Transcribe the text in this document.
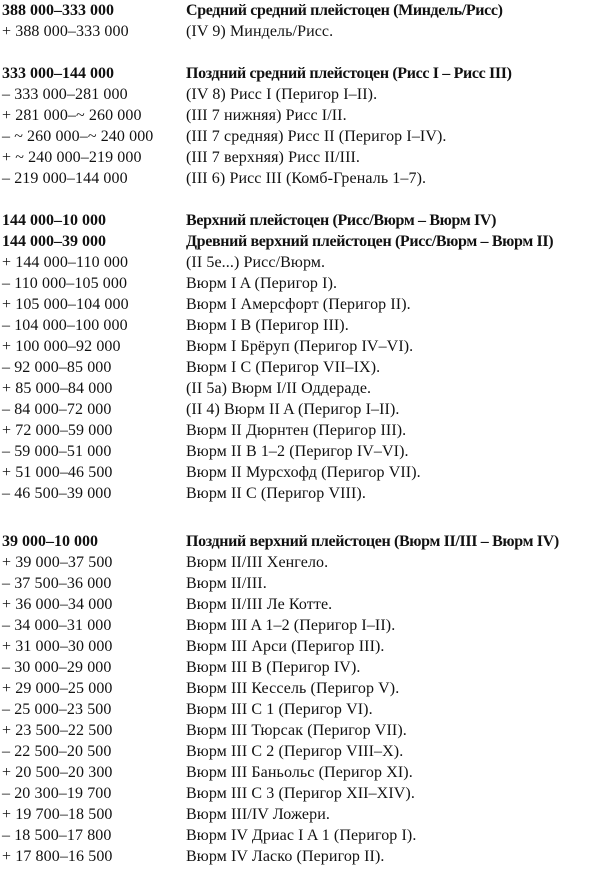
388 000–333 000	Средний средний плейстоцен (Миндель/Рисс)
+ 388 000–333 000	(IV 9) Миндель/Рисс.
333 000–144 000	Поздний средний плейстоцен (Рисс I – Рисс III)
– 333 000–281 000	(IV 8) Рисс I (Перигор I–II).
+ 281 000–~ 260 000	(III 7 нижняя) Рисс I/II.
– ~ 260 000–~ 240 000	(III 7 средняя) Рисс II (Перигор I–IV).
+ ~ 240 000–219 000	(III 7 верхняя) Рисс II/III.
– 219 000–144 000	(III 6) Рисс III (Комб-Греналь 1–7).
144 000–10 000	Верхний плейстоцен (Рисс/Вюрм – Вюрм IV)
144 000–39 000	Древний верхний плейстоцен (Рисс/Вюрм – Вюрм II)
+ 144 000–110 000	(II 5e...) Рисс/Вюрм.
– 110 000–105 000	Вюрм I A (Перигор I).
+ 105 000–104 000	Вюрм I Амерсфорт (Перигор II).
– 104 000–100 000	Вюрм I B (Перигор III).
+ 100 000–92 000	Вюрм I Брёруп (Перигор IV–VI).
– 92 000–85 000	Вюрм I C (Перигор VII–IX).
+ 85 000–84 000	(II 5a) Вюрм I/II Оддераде.
– 84 000–72 000	(II 4) Вюрм II A (Перигор I–II).
+ 72 000–59 000	Вюрм II Дюрнтен (Перигор III).
– 59 000–51 000	Вюрм II B 1–2 (Перигор IV–VI).
+ 51 000–46 500	Вюрм II Мурсхофд (Перигор VII).
– 46 500–39 000	Вюрм II C (Перигор VIII).
39 000–10 000	Поздний верхний плейстоцен (Вюрм II/III – Вюрм IV)
+ 39 000–37 500	Вюрм II/III Хенгело.
– 37 500–36 000	Вюрм II/III.
+ 36 000–34 000	Вюрм II/III Ле Котте.
– 34 000–31 000	Вюрм III A 1–2 (Перигор I–II).
+ 31 000–30 000	Вюрм III Арси (Перигор III).
– 30 000–29 000	Вюрм III B (Перигор IV).
+ 29 000–25 000	Вюрм III Кессель (Перигор V).
– 25 000–23 500	Вюрм III C 1 (Перигор VI).
+ 23 500–22 500	Вюрм III Тюрсак (Перигор VII).
– 22 500–20 500	Вюрм III C 2 (Перигор VIII–X).
+ 20 500–20 300	Вюрм III Баньольс (Перигор XI).
– 20 300–19 700	Вюрм III C 3 (Перигор XII–XIV).
+ 19 700–18 500	Вюрм III/IV Ложери.
– 18 500–17 800	Вюрм IV Дриас I A 1 (Перигор I).
+ 17 800–16 500	Вюрм IV Ласко (Перигор II).
